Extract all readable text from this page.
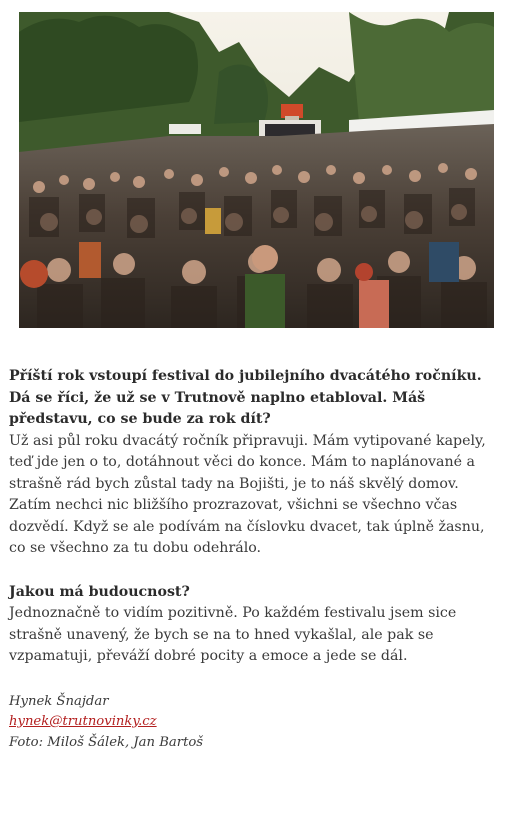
Příští rok vstoupí festival do jubilejního dvacátého ročníku. Dá se říci, že už se v Trutnově naplno etabloval. Máš představu, co se bude za rok dít?

Už asi půl roku dvacátý ročník připravuji. Mám vytipované kapely, teď jde jen o to, dotáhnout věci do konce. Mám to naplánované a strašně rád bych zůstal tady na Bojišti, je to náš skvělý domov. Zatím nechci nic bližšího prozrazovat, všichni se všechno včas dozvědí. Když se ale podívám na číslovku dvacet, tak úplně žasnu, co se všechno za tu dobu odehrálo.

Jakou má budoucnost?

Jednoznačně to vidím pozitivně. Po každém festivalu jsem sice strašně unavený, že bych se na to hned vykašlal, ale pak se vzpamatuji, převáží dobré pocity a emoce a jede se dál.

Hynek Šnajdar

hynek@trutnovinky.cz

Foto: Miloš Šálek, Jan Bartoš
